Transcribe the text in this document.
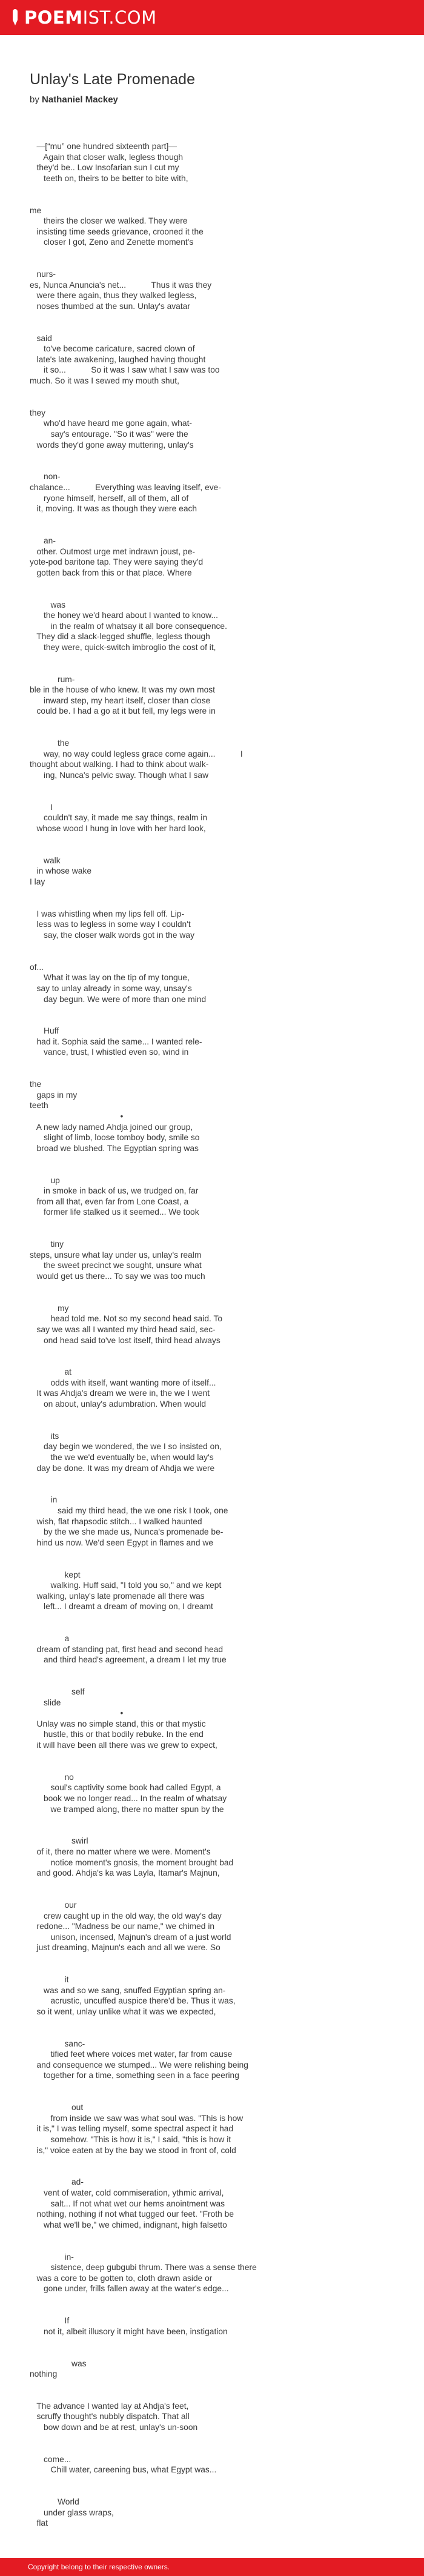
POEMIST.COM
Unlay's Late Promenade
by Nathaniel Mackey
—[“mu” one hundred sixteenth part]—
Again that closer walk, legless though
they'd be.. Low Insofarian sun I cut my
teeth on, theirs to be better to bite with,
me
theirs the closer we walked. They were
insisting time seeds grievance, crooned it the
closer I got, Zeno and Zenette moment's
nurs-
es, Nunca Anuncia's net...   Thus it was they
were there again, thus they walked legless,
noses thumbed at the sun. Unlay's avatar
said
to've become caricature, sacred clown of
late's late awakening, laughed having thought
it so...   So it was I saw what I saw was too
much. So it was I sewed my mouth shut,
they
who'd have heard me gone again, what-
say's entourage. "So it was" were the
words they'd gone away muttering, unlay's
non-
chalance...   Everything was leaving itself, eve-
ryone himself, herself, all of them, all of
it, moving. It was as though they were each
an-
other. Outmost urge met indrawn joust, pe-
yote-pod baritone tap. They were saying they'd
gotten back from this or that place. Where
was
the honey we'd heard about I wanted to know...   
in the realm of whatsay it all bore consequence.
They did a slack-legged shuffle, legless though
they were, quick-switch imbroglio the cost of it,
rum-
ble in the house of who knew. It was my own most
inward step, my heart itself, closer than close
could be. I had a go at it but fell, my legs were in
the
way, no way could legless grace come again...   I
thought about walking. I had to think about walk-
ing, Nunca's pelvic sway. Though what I saw
I
couldn't say, it made me say things, realm in
whose wood I hung in love with her hard look,
walk
in whose wake
I lay
I was whistling when my lips fell off. Lip-
less was to legless in some way I couldn't
say, the closer walk words got in the way
of...
What it was lay on the tip of my tongue,
say to unlay already in some way, unsay's
day begun. We were of more than one mind
Huff
had it. Sophia said the same... I wanted rele-
vance, trust, I whistled even so, wind in
the
gaps in my
teeth
•
A new lady named Ahdja joined our group,
slight of limb, loose tomboy body, smile so
broad we blushed. The Egyptian spring was
up
in smoke in back of us, we trudged on, far
from all that, even far from Lone Coast, a
former life stalked us it seemed... We took
tiny
steps, unsure what lay under us, unlay's realm
the sweet precinct we sought, unsure what
would get us there... To say we was too much
my
head told me. Not so my second head said. To
say we was all I wanted my third head said, sec-
ond head said to've lost itself, third head always
at
odds with itself, want wanting more of itself...
It was Ahdja's dream we were in, the we I went
on about, unlay's adumbration. When would
its
day begin we wondered, the we I so insisted on,
the we we'd eventually be, when would lay's
day be done. It was my dream of Ahdja we were
in
said my third head, the we one risk I took, one
wish, flat rhapsodic stitch... I walked haunted
by the we she made us, Nunca's promenade be-
hind us now. We'd seen Egypt in flames and we
kept
walking. Huff said, "I told you so," and we kept
walking, unlay's late promenade all there was
left... I dreamt a dream of moving on, I dreamt
a
dream of standing pat, first head and second head
and third head's agreement, a dream I let my true
self
slide
•
Unlay was no simple stand, this or that mystic
hustle, this or that bodily rebuke. In the end
it will have been all there was we grew to expect,
no
soul's captivity some book had called Egypt, a
book we no longer read... In the realm of whatsay
we tramped along, there no matter spun by the
swirl
of it, there no matter where we were. Moment's
notice moment's gnosis, the moment brought bad
and good. Ahdja's ka was Layla, Itamar's Majnun,
our
crew caught up in the old way, the old way's day
redone... "Madness be our name," we chimed in
unison, incensed, Majnun's dream of a just world
just dreaming, Majnun's each and all we were. So
it
was and so we sang, snuffed Egyptian spring an-
acrustic, uncuffed auspice there'd be. Thus it was,
so it went, unlay unlike what it was we expected,
sanc-
tified feet where voices met water, far from cause
and consequence we stumped... We were relishing being
together for a time, something seen in a face peering
out
from inside we saw was what soul was. "This is how
it is," I was telling myself, some spectral aspect it had
somehow. "This is how it is," I said, "this is how it
is," voice eaten at by the bay we stood in front of, cold
ad-
vent of water, cold commiseration, ythmic arrival,
salt... If not what wet our hems anointment was
nothing, nothing if not what tugged our feet. "Froth be
what we'll be," we chimed, indignant, high falsetto
in-
sistence, deep gubgubi thrum. There was a sense there
was a core to be gotten to, cloth drawn aside or
gone under, frills fallen away at the water's edge...
If
not it, albeit illusory it might have been, instigation
was
nothing
The advance I wanted lay at Ahdja's feet,
scruffy thought's nubbly dispatch. That all
bow down and be at rest, unlay's un-soon
come...
Chill water, careening bus, what Egypt was...
World
under glass wraps,
flat
Copyright belong to their respective owners.
